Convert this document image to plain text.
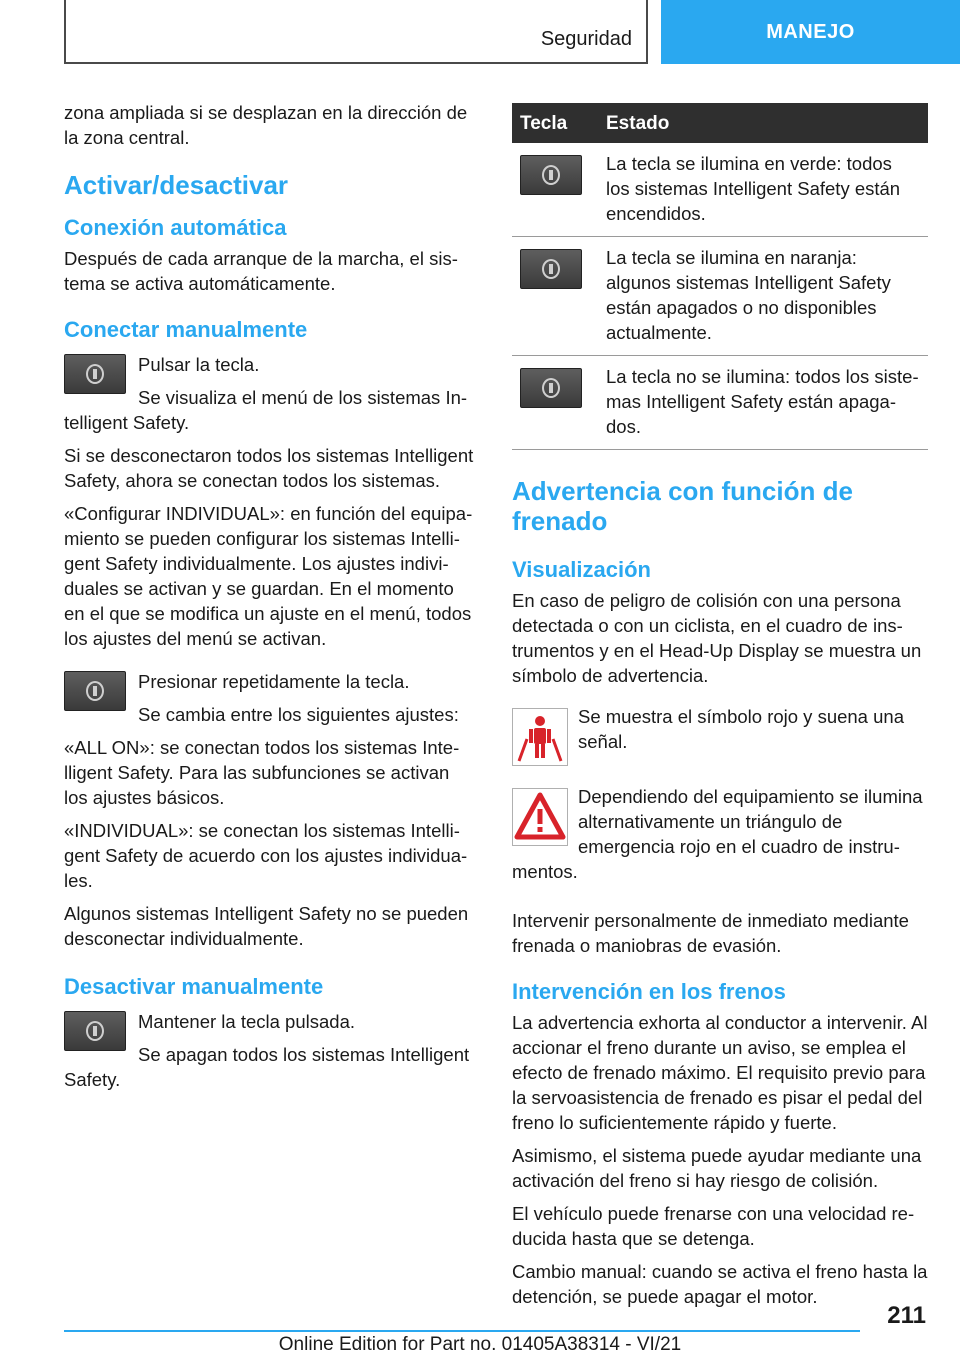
Seguridad	MANEJO

zona ampliada si se desplazan en la dirección de la zona central.

Activar/desactivar
Conexión automática

Después de cada arranque de la marcha, el sistema se activa automáticamente.

Conectar manualmente

Pulsar la tecla.

Se visualiza el menú de los sistemas Intelligent Safety.

Si se desconectaron todos los sistemas Intelligent Safety, ahora se conectan todos los sistemas.

«Configurar INDIVIDUAL»: en función del equipamiento se pueden configurar los sistemas Intelligent Safety individualmente. Los ajustes individuales se activan y se guardan. En el momento en el que se modifica un ajuste en el menú, todos los ajustes del menú se activan.

Presionar repetidamente la tecla.

Se cambia entre los siguientes ajustes:

«ALL ON»: se conectan todos los sistemas Intelligent Safety. Para las subfunciones se activan los ajustes básicos.

«INDIVIDUAL»: se conectan los sistemas Intelligent Safety de acuerdo con los ajustes individuales.

Algunos sistemas Intelligent Safety no se pueden desconectar individualmente.

Desactivar manualmente

Mantener la tecla pulsada.

Se apagan todos los sistemas Intelligent Safety.

Tecla	Estado

	La tecla se ilumina en verde: todos los sistemas Intelligent Safety están encendidos.

	La tecla se ilumina en naranja: algunos sistemas Intelligent Safety están apagados o no disponibles actualmente.

	La tecla no se ilumina: todos los sistemas Intelligent Safety están apagados.
Advertencia con función de frenado
Visualización

En caso de peligro de colisión con una persona detectada o con un ciclista, en el cuadro de instrumentos y en el Head-Up Display se muestra un símbolo de advertencia.

Se muestra el símbolo rojo y suena una señal.

Dependiendo del equipamiento se ilumina alternativamente un triángulo de emergencia rojo en el cuadro de instrumentos.

Intervenir personalmente de inmediato mediante frenada o maniobras de evasión.

Intervención en los frenos

La advertencia exhorta al conductor a intervenir. Al accionar el freno durante un aviso, se emplea el efecto de frenado máximo. El requisito previo para la servoasistencia de frenado es pisar el pedal del freno lo suficientemente rápido y fuerte.

Asimismo, el sistema puede ayudar mediante una activación del freno si hay riesgo de colisión.

El vehículo puede frenarse con una velocidad reducida hasta que se detenga.

Cambio manual: cuando se activa el freno hasta la detención, se puede apagar el motor.

211
Online Edition for Part no. 01405A38314 - VI/21
